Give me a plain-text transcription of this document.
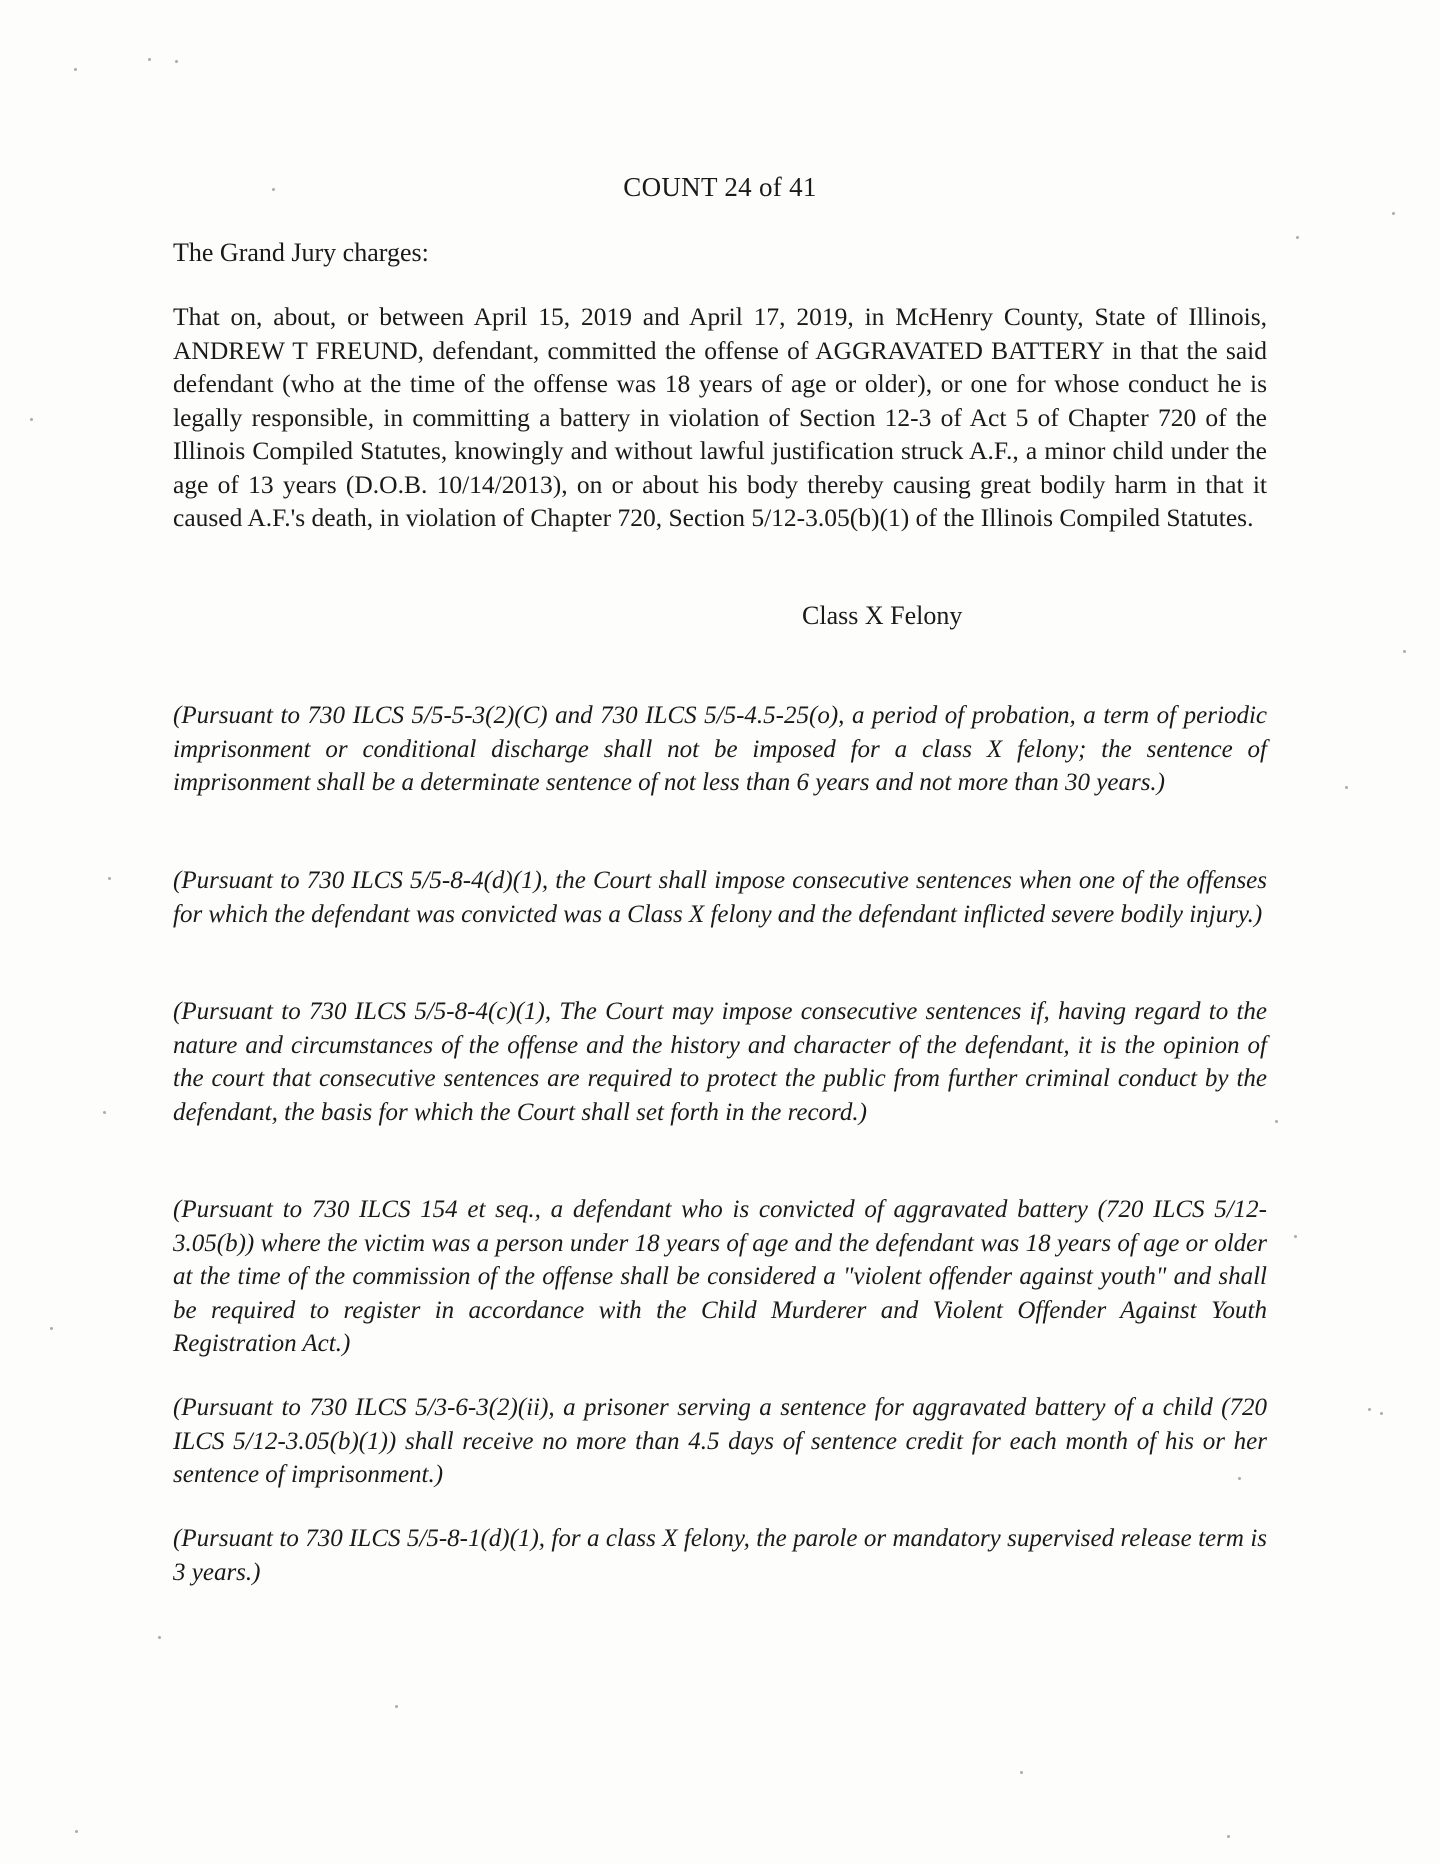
COUNT 24 of 41
The Grand Jury charges:

That on, about, or between April 15, 2019 and April 17, 2019, in McHenry County, State of Illinois, ANDREW T FREUND, defendant, committed the offense of AGGRAVATED BATTERY in that the said defendant (who at the time of the offense was 18 years of age or older), or one for whose conduct he is legally responsible, in committing a battery in violation of Section 12-3 of Act 5 of Chapter 720 of the Illinois Compiled Statutes, knowingly and without lawful justification struck A.F., a minor child under the age of 13 years (D.O.B. 10/14/2013), on or about his body thereby causing great bodily harm in that it caused A.F.'s death, in violation of Chapter 720, Section 5/12-3.05(b)(1) of the Illinois Compiled Statutes.

Class X Felony

(Pursuant to 730 ILCS 5/5-5-3(2)(C) and 730 ILCS 5/5-4.5-25(o), a period of probation, a term of periodic imprisonment or conditional discharge shall not be imposed for a class X felony; the sentence of imprisonment shall be a determinate sentence of not less than 6 years and not more than 30 years.)

(Pursuant to 730 ILCS 5/5-8-4(d)(1), the Court shall impose consecutive sentences when one of the offenses for which the defendant was convicted was a Class X felony and the defendant inflicted severe bodily injury.)

(Pursuant to 730 ILCS 5/5-8-4(c)(1), The Court may impose consecutive sentences if, having regard to the nature and circumstances of the offense and the history and character of the defendant, it is the opinion of the court that consecutive sentences are required to protect the public from further criminal conduct by the defendant, the basis for which the Court shall set forth in the record.)

(Pursuant to 730 ILCS 154 et seq., a defendant who is convicted of aggravated battery (720 ILCS 5/12-3.05(b)) where the victim was a person under 18 years of age and the defendant was 18 years of age or older at the time of the commission of the offense shall be considered a "violent offender against youth" and shall be required to register in accordance with the Child Murderer and Violent Offender Against Youth Registration Act.)

(Pursuant to 730 ILCS 5/3-6-3(2)(ii), a prisoner serving a sentence for aggravated battery of a child (720 ILCS 5/12-3.05(b)(1)) shall receive no more than 4.5 days of sentence credit for each month of his or her sentence of imprisonment.)

(Pursuant to 730 ILCS 5/5-8-1(d)(1), for a class X felony, the parole or mandatory supervised release term is 3 years.)
